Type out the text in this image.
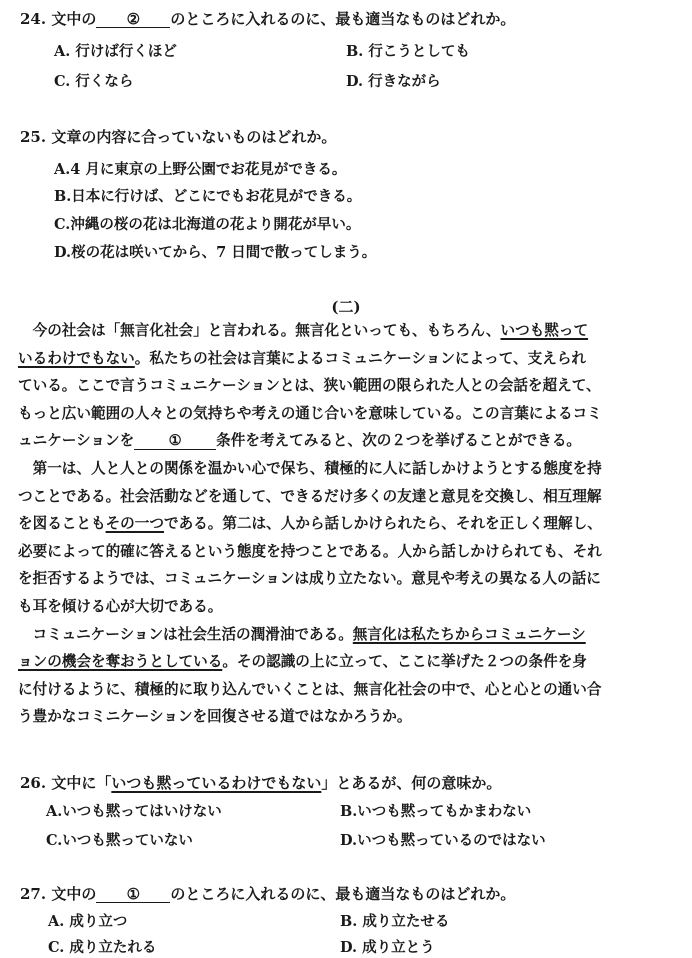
24. 文中の ② のところに入れるのに、最も適当なものはどれか。
A. 行けば行くほど	B. 行こうとしても
C. 行くなら	D. 行きながら
25. 文章の内容に合っていないものはどれか。
A.4 月に東京の上野公園でお花見ができる。
B.日本に行けば、どこにでもお花見ができる。
C.沖縄の桜の花は北海道の花より開花が早い。
D.桜の花は咲いてから、7 日間で散ってしまう。
(二)
　今の社会は「無言化社会」と言われる。無言化といっても、もちろん、いつも黙って
いるわけでもない。私たちの社会は言葉によるコミュニケーションによって、支えられ
ている。ここで言うコミュニケーションとは、狭い範囲の限られた人との会話を超えて、
もっと広い範囲の人々との気持ちや考えの通じ合いを意味している。この言葉によるコミ
ュニケーションを ① 条件を考えてみると、次の２つを挙げることができる。
　第一は、人と人との関係を温かい心で保ち、積極的に人に話しかけようとする態度を持
つことである。社会活動などを通して、できるだけ多くの友達と意見を交換し、相互理解
を図ることもその一つである。第二は、人から話しかけられたら、それを正しく理解し、
必要によって的確に答えるという態度を持つことである。人から話しかけられても、それ
を拒否するようでは、コミュニケーションは成り立たない。意見や考えの異なる人の話に
も耳を傾ける心が大切である。
　コミュニケーションは社会生活の潤滑油である。無言化は私たちからコミュニケーシ
ョンの機会を奪おうとしている。その認識の上に立って、ここに挙げた２つの条件を身
に付けるように、積極的に取り込んでいくことは、無言化社会の中で、心と心との通い合
う豊かなコミニケーションを回復させる道ではなかろうか。
26. 文中に「いつも黙っているわけでもない」とあるが、何の意味か。
A.いつも黙ってはいけない	B.いつも黙ってもかまわない
C.いつも黙っていない	D.いつも黙っているのではない
27. 文中の ① のところに入れるのに、最も適当なものはどれか。
A. 成り立つ	B. 成り立たせる
C. 成り立たれる	D. 成り立とう
